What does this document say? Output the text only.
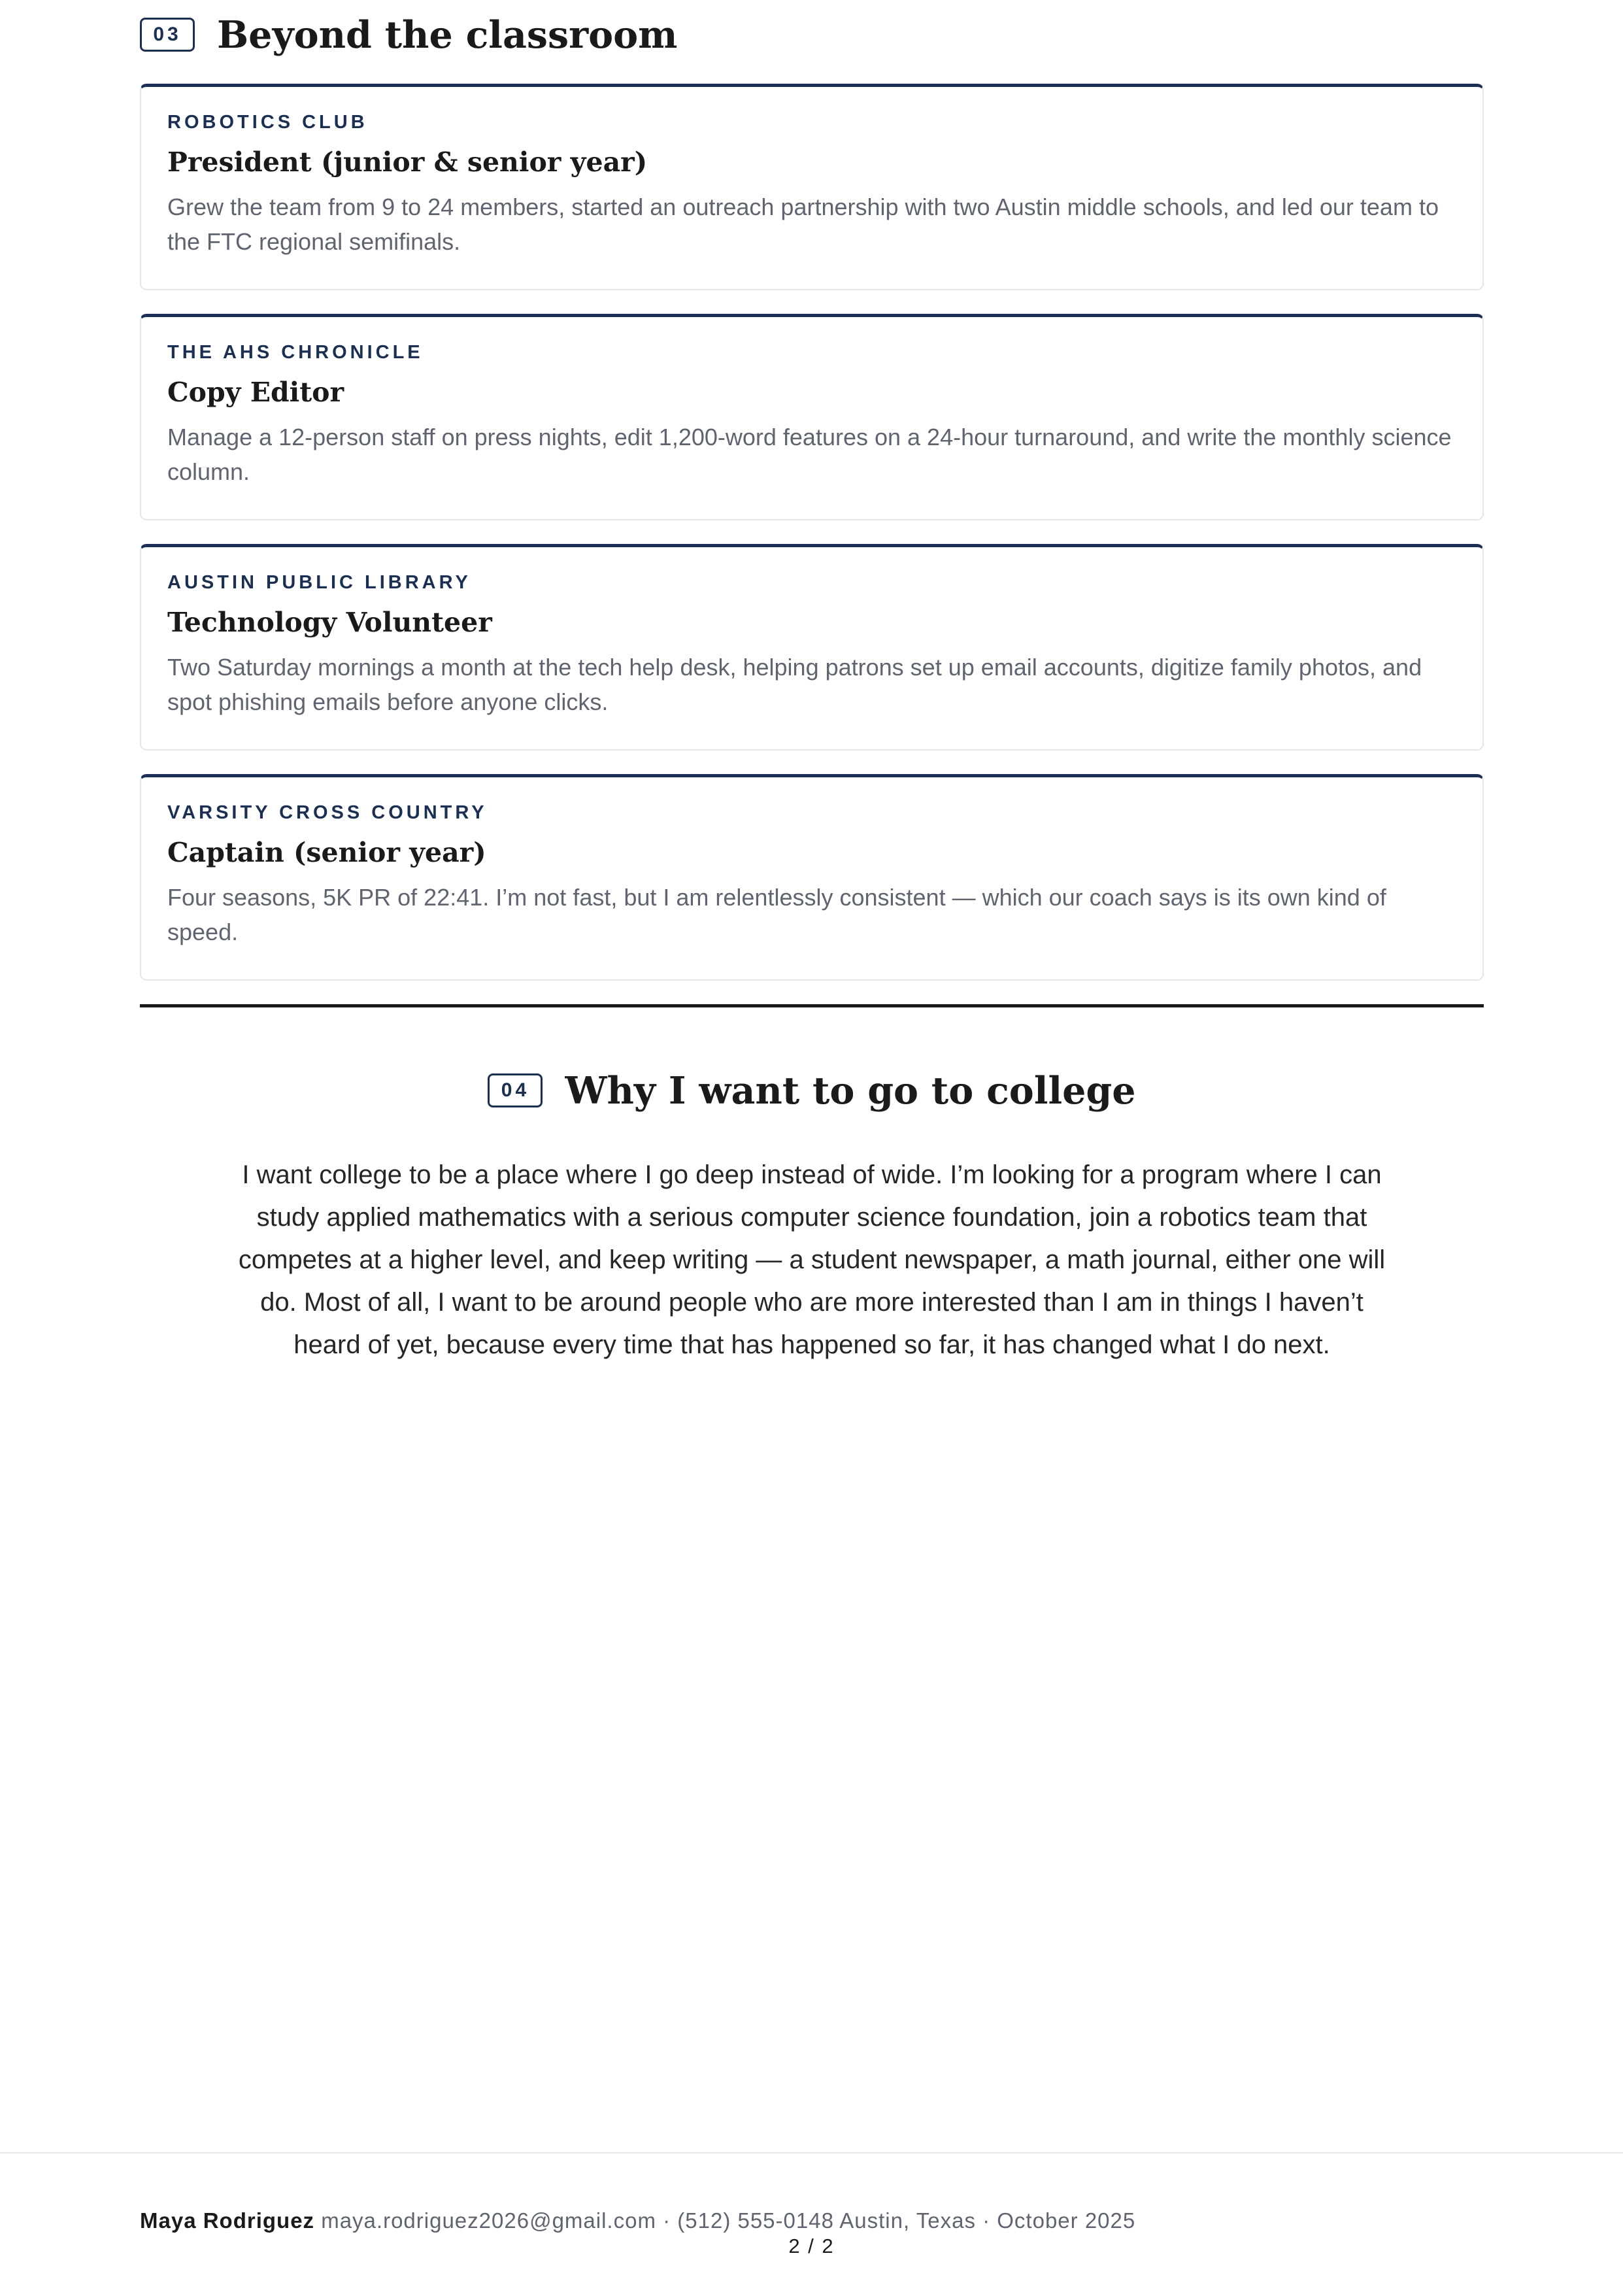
03 Beyond the classroom
ROBOTICS CLUB
President (junior & senior year)
Grew the team from 9 to 24 members, started an outreach partnership with two Austin middle schools, and led our team to the FTC regional semifinals.
THE AHS CHRONICLE
Copy Editor
Manage a 12-person staff on press nights, edit 1,200-word features on a 24-hour turnaround, and write the monthly science column.
AUSTIN PUBLIC LIBRARY
Technology Volunteer
Two Saturday mornings a month at the tech help desk, helping patrons set up email accounts, digitize family photos, and spot phishing emails before anyone clicks.
VARSITY CROSS COUNTRY
Captain (senior year)
Four seasons, 5K PR of 22:41. I’m not fast, but I am relentlessly consistent — which our coach says is its own kind of speed.
04 Why I want to go to college
I want college to be a place where I go deep instead of wide. I’m looking for a program where I can study applied mathematics with a serious computer science foundation, join a robotics team that competes at a higher level, and keep writing — a student newspaper, a math journal, either one will do. Most of all, I want to be around people who are more interested than I am in things I haven’t heard of yet, because every time that has happened so far, it has changed what I do next.
Maya Rodriguez maya.rodriguez2026@gmail.com · (512) 555-0148 Austin, Texas · October 2025
2 / 2
